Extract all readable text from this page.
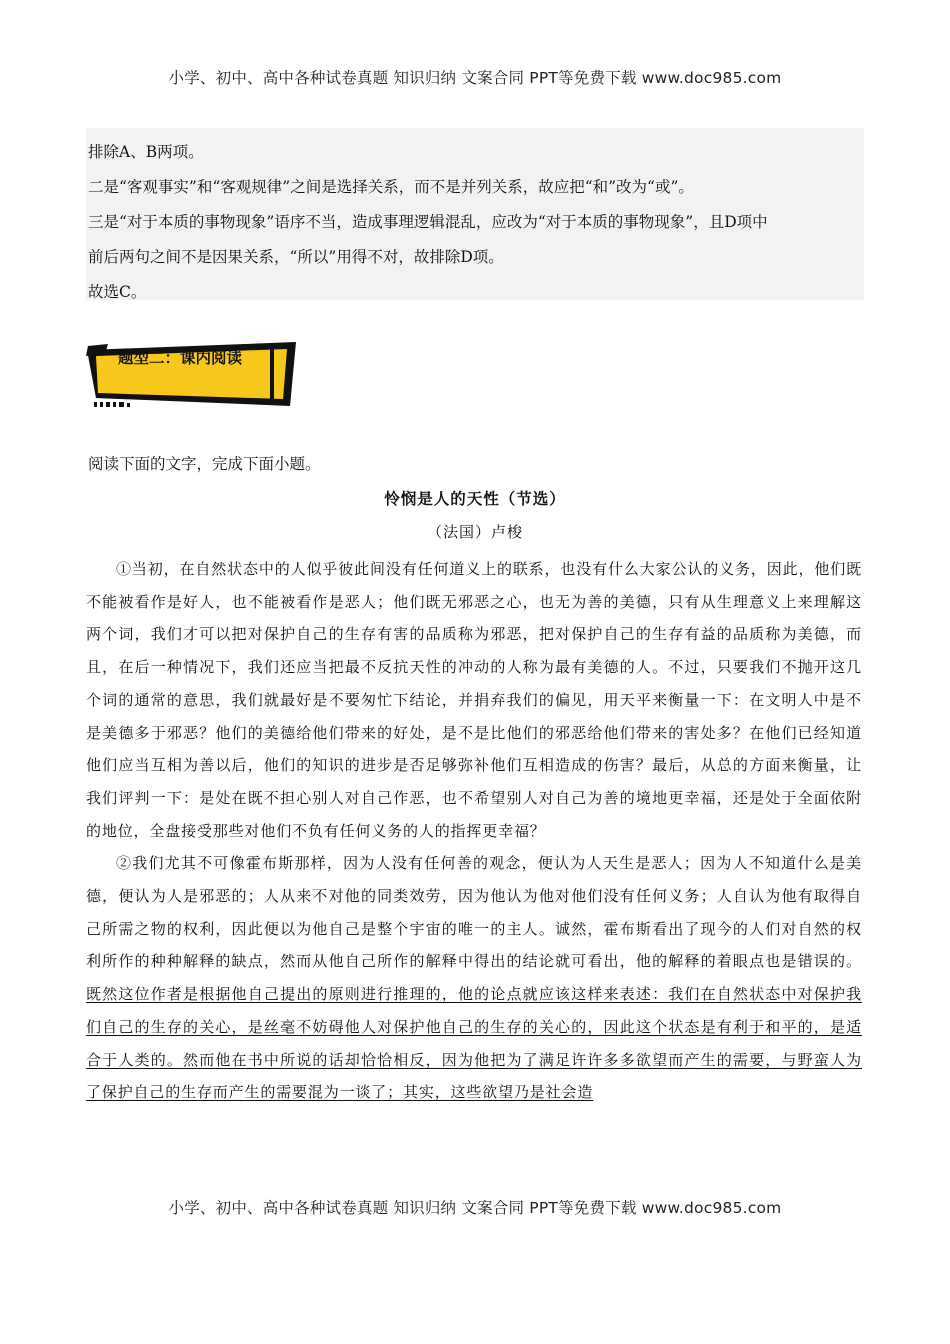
小学、初中、高中各种试卷真题 知识归纳 文案合同 PPT等免费下载 www.doc985.com

排除A、B两项。

二是“客观事实”和“客观规律”之间是选择关系，而不是并列关系，故应把“和”改为“或”。

三是“对于本质的事物现象”语序不当，造成事理逻辑混乱，应改为“对于本质的事物现象”，且D项中

前后两句之间不是因果关系，“所以”用得不对，故排除D项。

故选C。

题型二：课内阅读
阅读下面的文字，完成下面小题。
怜悯是人的天性（节选）
（法国）卢梭

①当初，在自然状态中的人似乎彼此间没有任何道义上的联系，也没有什么大家公认的义务，因此，他们既不能被看作是好人，也不能被看作是恶人；他们既无邪恶之心，也无为善的美德，只有从生理意义上来理解这两个词，我们才可以把对保护自己的生存有害的品质称为邪恶，把对保护自己的生存有益的品质称为美德，而且，在后一种情况下，我们还应当把最不反抗天性的冲动的人称为最有美德的人。不过，只要我们不抛开这几个词的通常的意思，我们就最好是不要匆忙下结论，并捐弃我们的偏见，用天平来衡量一下：在文明人中是不是美德多于邪恶？他们的美德给他们带来的好处，是不是比他们的邪恶给他们带来的害处多？在他们已经知道他们应当互相为善以后，他们的知识的进步是否足够弥补他们互相造成的伤害？最后，从总的方面来衡量，让我们评判一下：是处在既不担心别人对自己作恶，也不希望别人对自己为善的境地更幸福，还是处于全面依附的地位，全盘接受那些对他们不负有任何义务的人的指挥更幸福？

②我们尤其不可像霍布斯那样，因为人没有任何善的观念，便认为人天生是恶人；因为人不知道什么是美德，便认为人是邪恶的；人从来不对他的同类效劳，因为他认为他对他们没有任何义务；人自认为他有取得自己所需之物的权利，因此便以为他自己是整个宇宙的唯一的主人。诚然，霍布斯看出了现今的人们对自然的权利所作的种种解释的缺点，然而从他自己所作的解释中得出的结论就可看出，他的解释的着眼点也是错误的。既然这位作者是根据他自己提出的原则进行推理的，他的论点就应该这样来表述：我们在自然状态中对保护我们自己的生存的关心，是丝毫不妨碍他人对保护他自己的生存的关心的，因此这个状态是有利于和平的，是适合于人类的。然而他在书中所说的话却恰恰相反，因为他把为了满足许许多多欲望而产生的需要，与野蛮人为了保护自己的生存而产生的需要混为一谈了；其实，这些欲望乃是社会造

小学、初中、高中各种试卷真题 知识归纳 文案合同 PPT等免费下载 www.doc985.com
